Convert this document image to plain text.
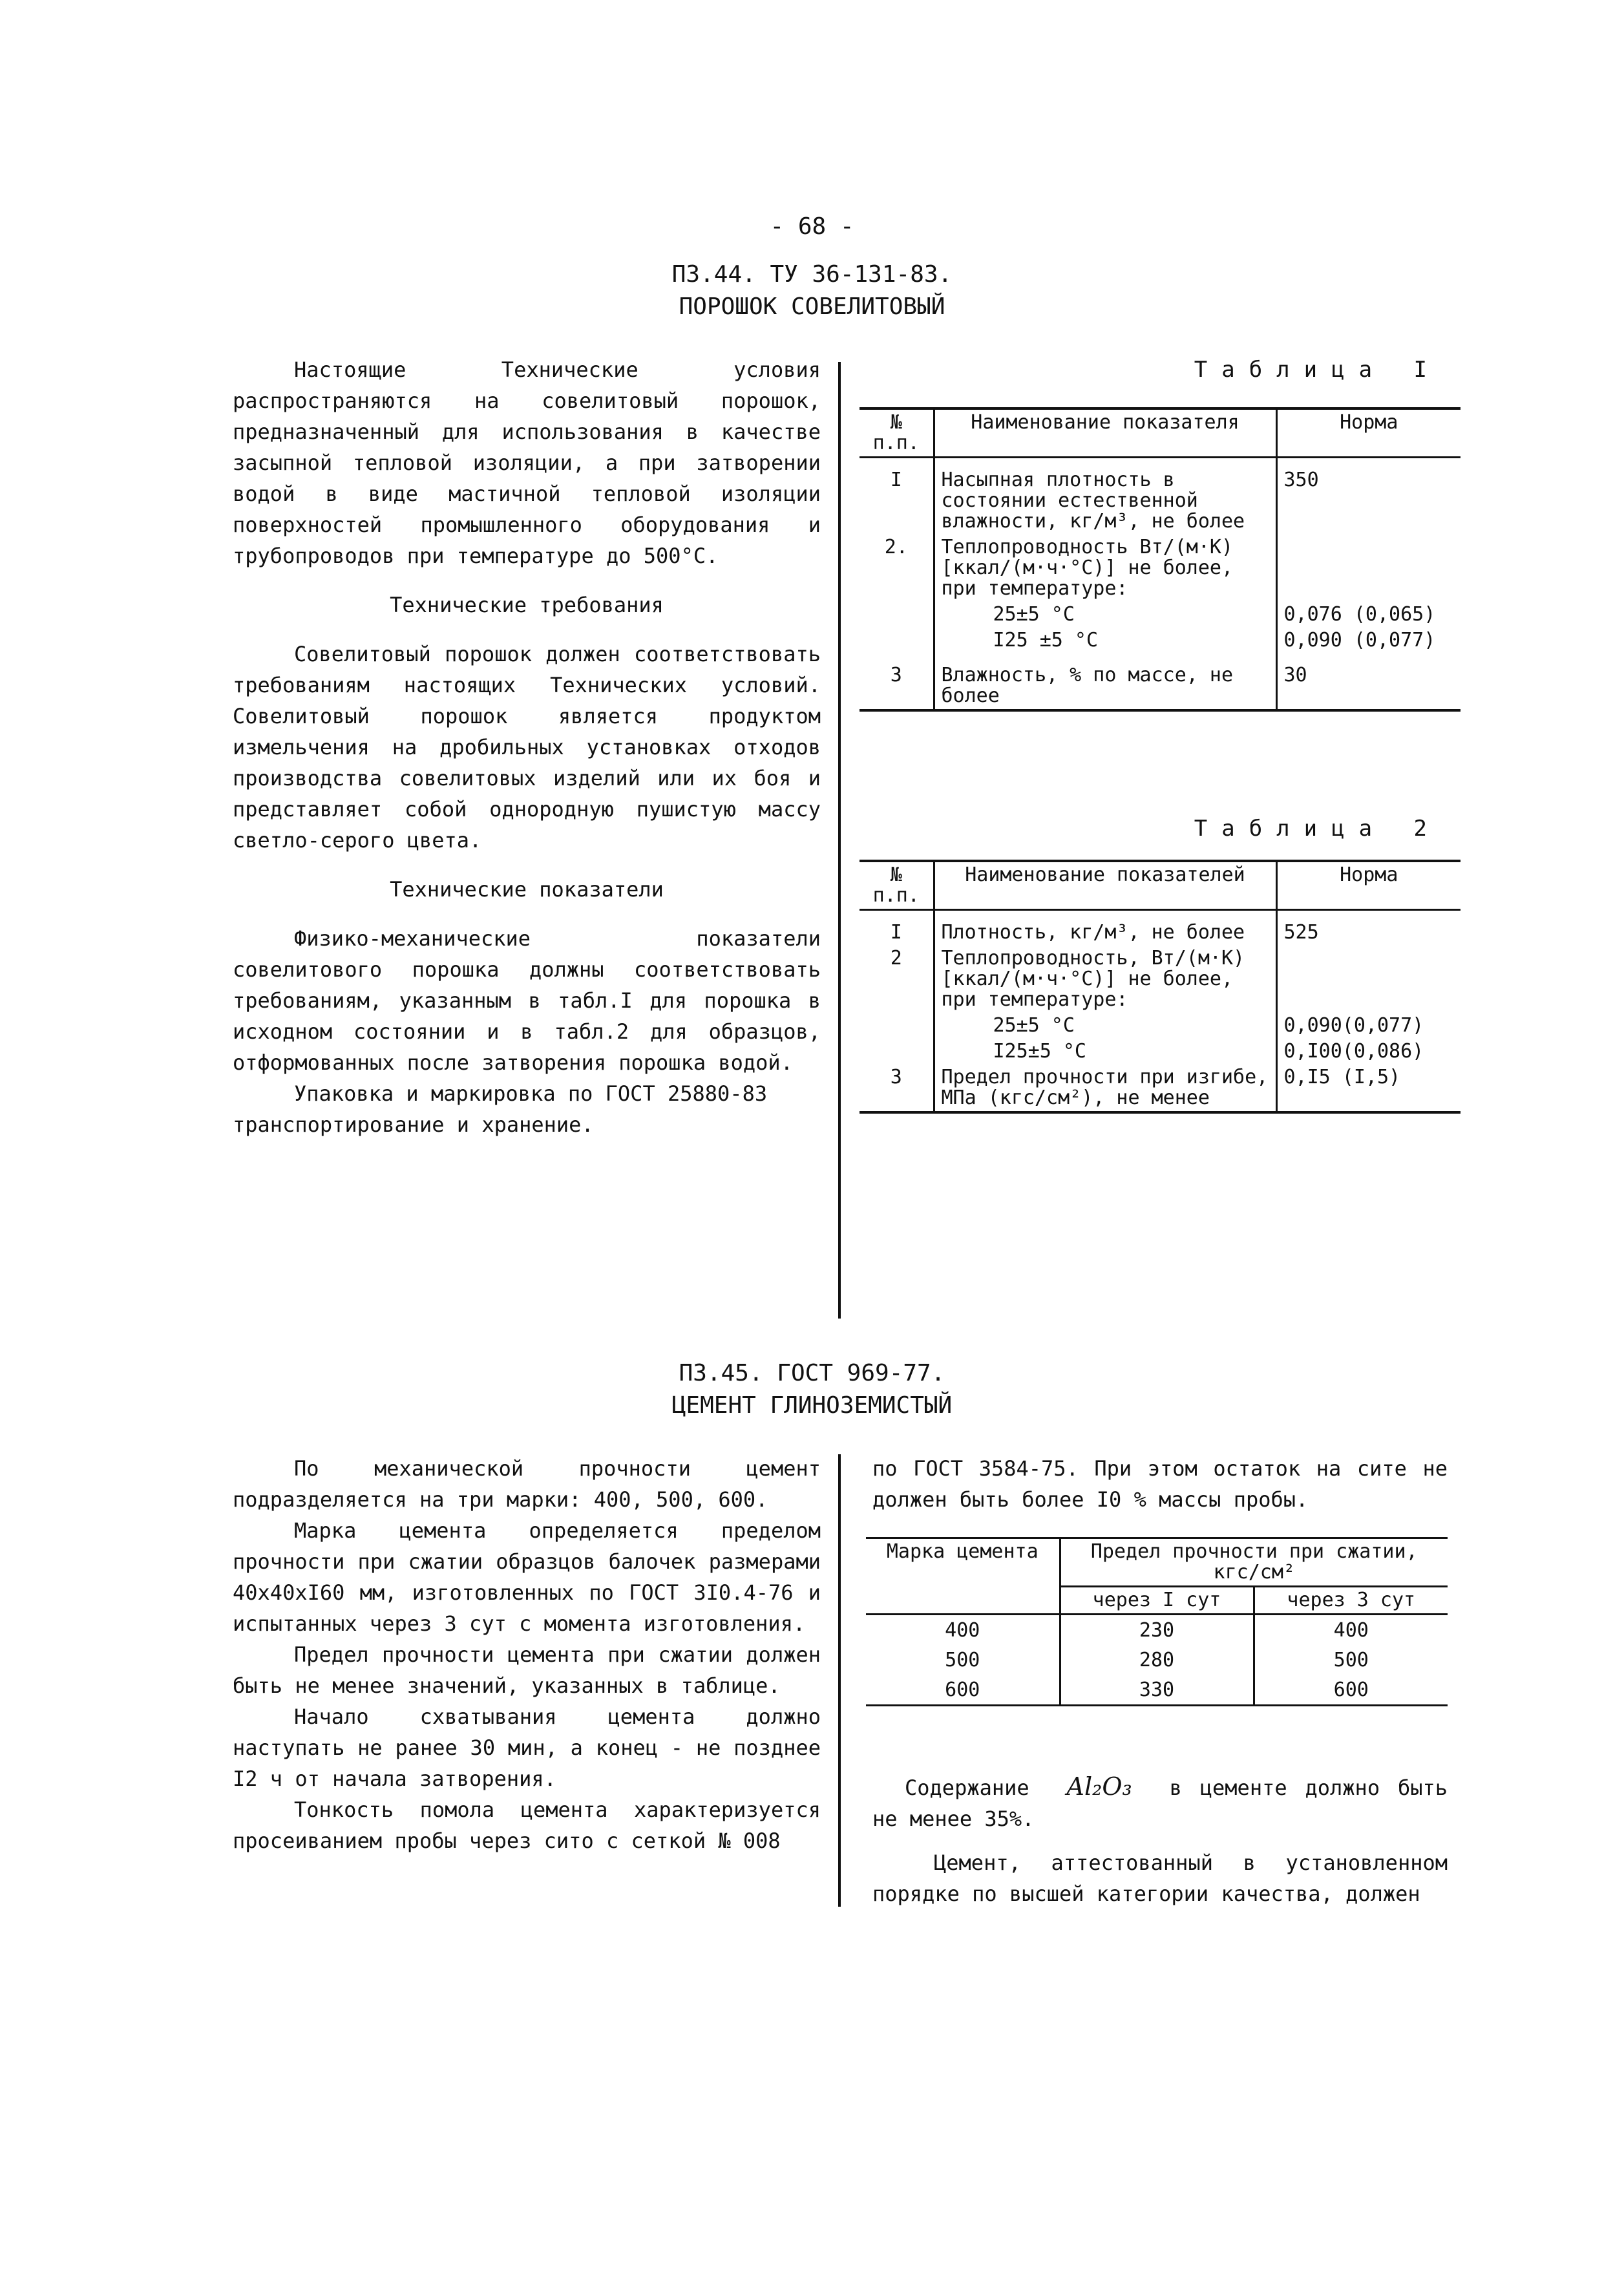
- 68 -
П3.44. ТУ 36-131-83.
ПОРОШОК СОВЕЛИТОВЫЙ

Настоящие Технические условия распространяются на совелитовый порошок, предназначенный для использования в качестве засыпной тепловой изоляции, а при затворении водой в виде мастичной тепловой изоляции поверхностей промышленного оборудования и трубопроводов при температуре до 500°С.

Технические требования

Совелитовый порошок должен соответствовать требованиям настоящих Технических условий. Совелитовый порошок является продуктом измельчения на дробильных установках отходов производства совелитовых изделий или их боя и представляет собой однородную пушистую массу светло-серого цвета.

Технические показатели

Физико-механические показатели совелитового порошка должны соответствовать требованиям, указанным в табл.I для порошка в исходном состоянии и в табл.2 для образцов, отформованных после затворения порошка водой.

Упаковка и маркировка по ГОСТ 25880-83

транспортирование и хранение.

Таблица I
№ п.п.	Наименование показателя	Норма
I	Насыпная плотность в состоянии естественной влажности, кг/м³, не более	350
2.	Теплопроводность Вт/(м·К) [ккал/(м·ч·°С)] не более, при температуре:	
	25±5 °С	0,076 (0,065)
	I25 ±5 °С	0,090 (0,077)
3	Влажность, % по массе, не более	30
Таблица 2
№ п.п.	Наименование показателей	Норма
I	Плотность, кг/м³, не более	525
2	Теплопроводность, Вт/(м·К) [ккал/(м·ч·°С)] не более, при температуре:	
	25±5 °С	0,090(0,077)
	I25±5 °С	0,I00(0,086)
3	Предел прочности при изгибе, МПа (кгс/см²), не менее	0,I5 (I,5)
П3.45. ГОСТ 969-77.
ЦЕМЕНТ ГЛИНОЗЕМИСТЫЙ

По механической прочности цемент подразделяется на три марки: 400, 500, 600.

Марка цемента определяется пределом прочности при сжатии образцов балочек размерами 40x40xI60 мм, изготовленных по ГОСТ 3I0.4-76 и испытанных через 3 сут с момента изготовления.

Предел прочности цемента при сжатии должен быть не менее значений, указанных в таблице.

Начало схватывания цемента должно наступать не ранее 30 мин, а конец - не позднее I2 ч от начала затворения.

Тонкость помола цемента характеризуется просеиванием пробы через сито с сеткой № 008

по ГОСТ 3584-75. При этом остаток на сите не должен быть более I0 % массы пробы.
Марка цемента	Предел прочности при сжатии, кгс/см²	
	через I сут	через 3 сут
400	230	400
500	280	500
600	330	600
Содержание Al₂O₃ в цементе должно быть не менее 35%.
Цемент, аттестованный в установленном порядке по высшей категории качества, должен
